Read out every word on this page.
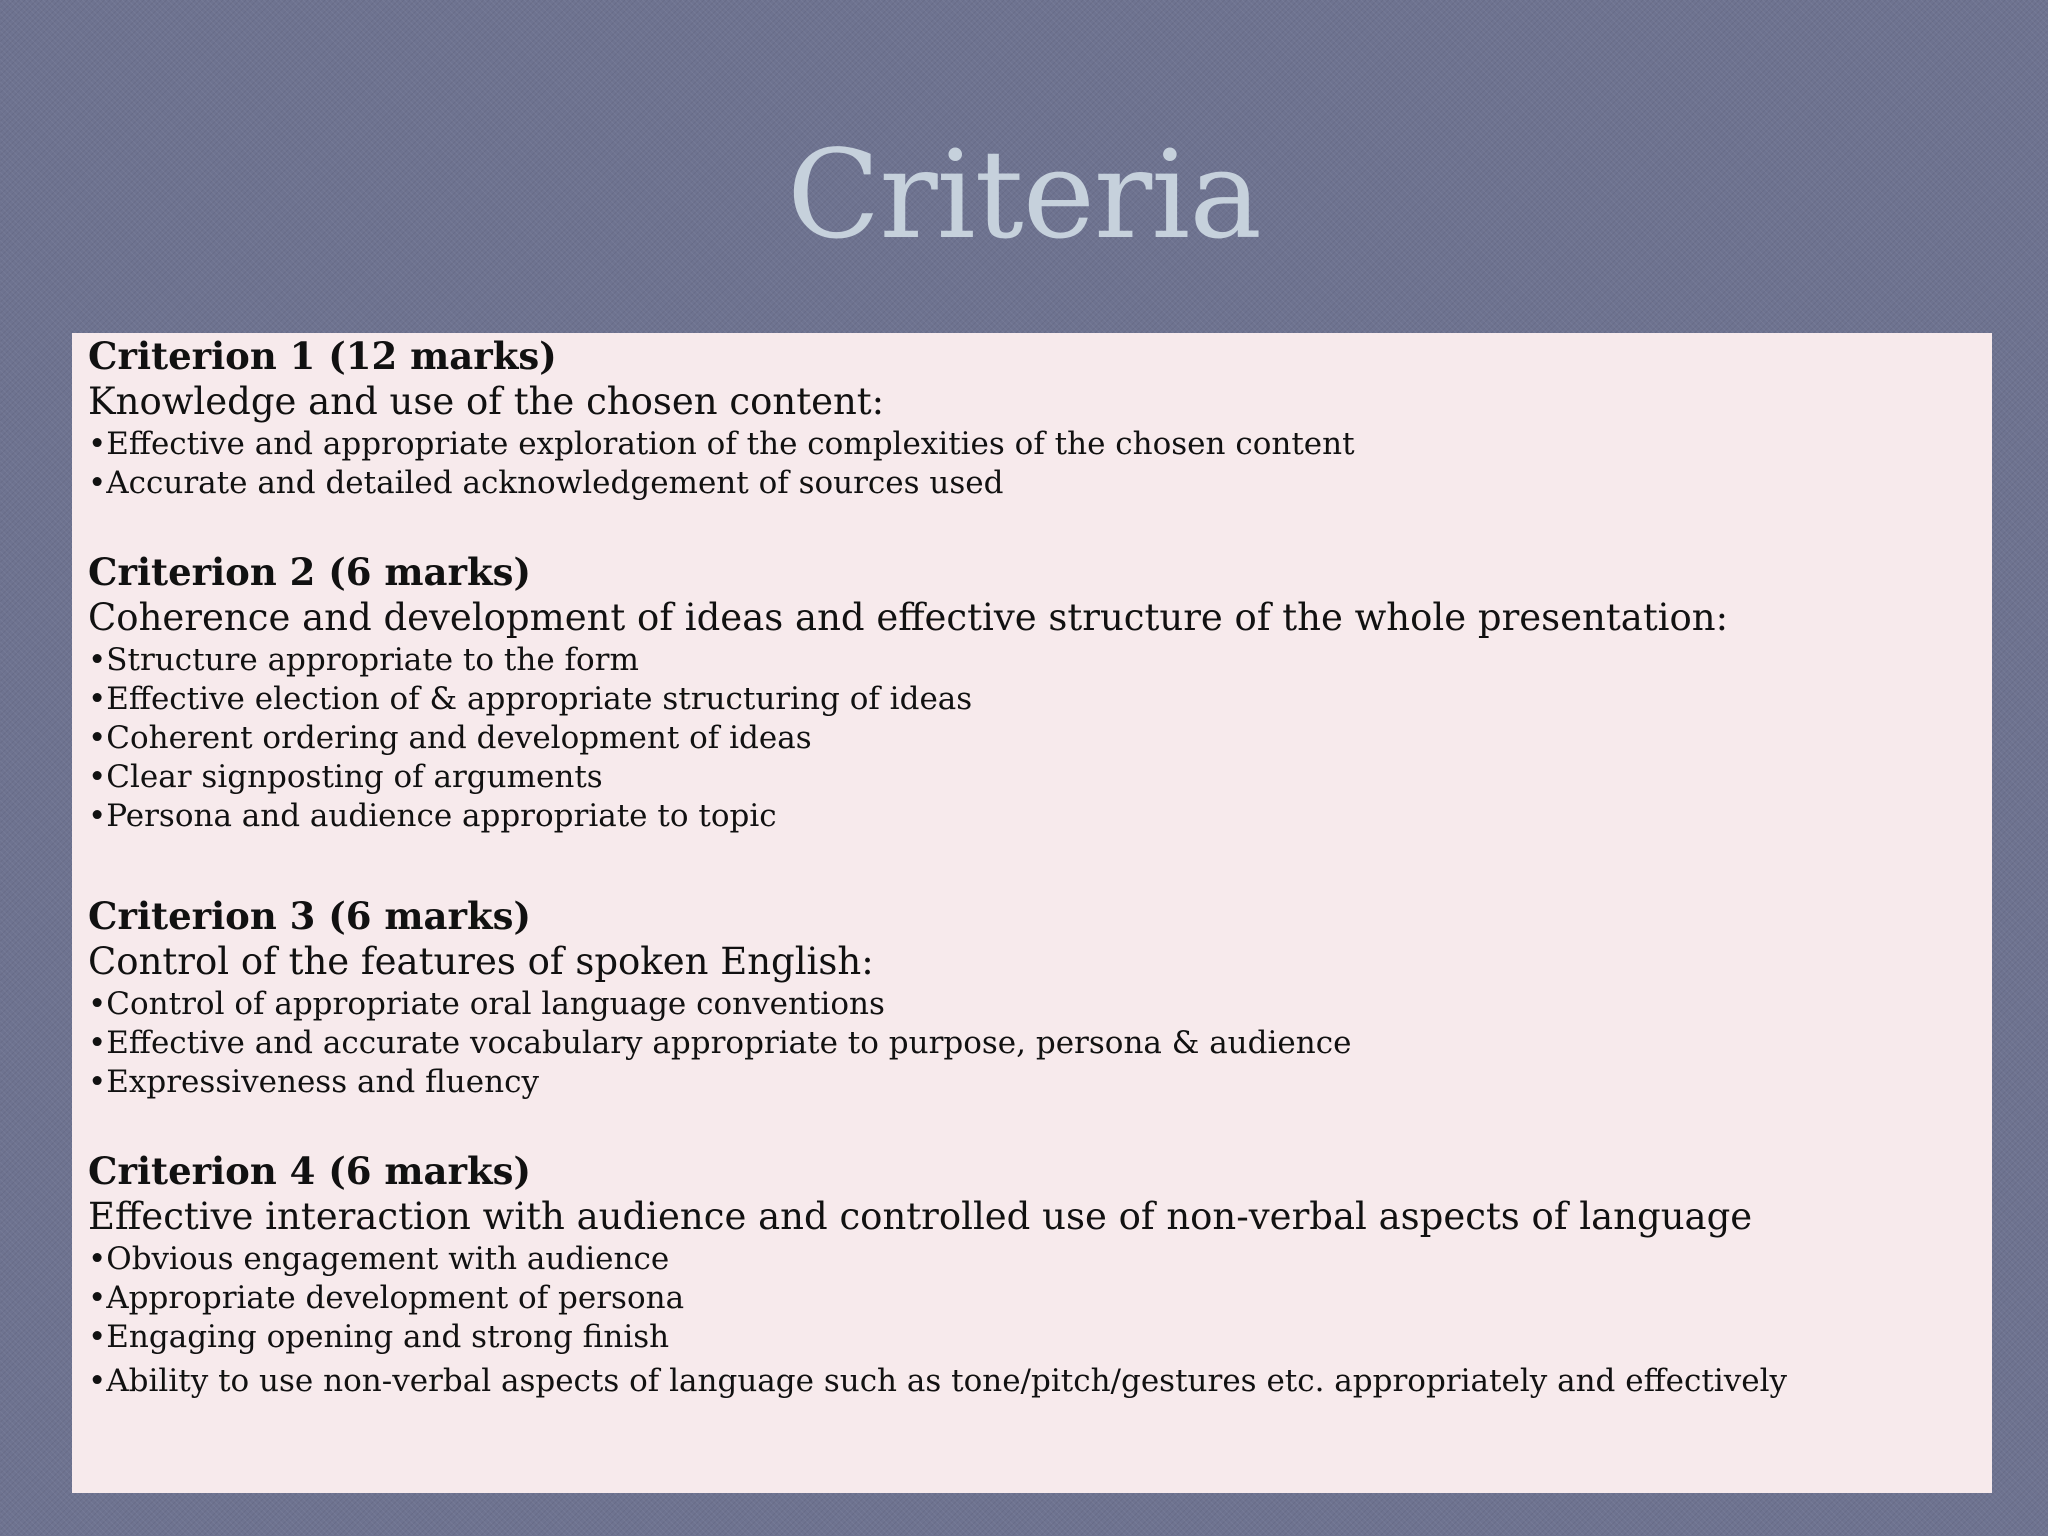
Criteria
Criterion 1 (12 marks)

Knowledge and use of the chosen content:

•Effective and appropriate exploration of the complexities of the chosen content
•Accurate and detailed acknowledgement of sources used
Criterion 2 (6 marks)

Coherence and development of ideas and effective structure of the whole presentation:

•Structure appropriate to the form
•Effective election of & appropriate structuring of ideas
•Coherent ordering and development of ideas
•Clear signposting of arguments
•Persona and audience appropriate to topic
Criterion 3 (6 marks)

Control of the features of spoken English:

•Control of appropriate oral language conventions
•Effective and accurate vocabulary appropriate to purpose, persona & audience
•Expressiveness and fluency
Criterion 4 (6 marks)

Effective interaction with audience and controlled use of non-verbal aspects of language

•Obvious engagement with audience
•Appropriate development of persona
•Engaging opening and strong finish
•Ability to use non-verbal aspects of language such as tone/pitch/gestures etc. appropriately and effectively
